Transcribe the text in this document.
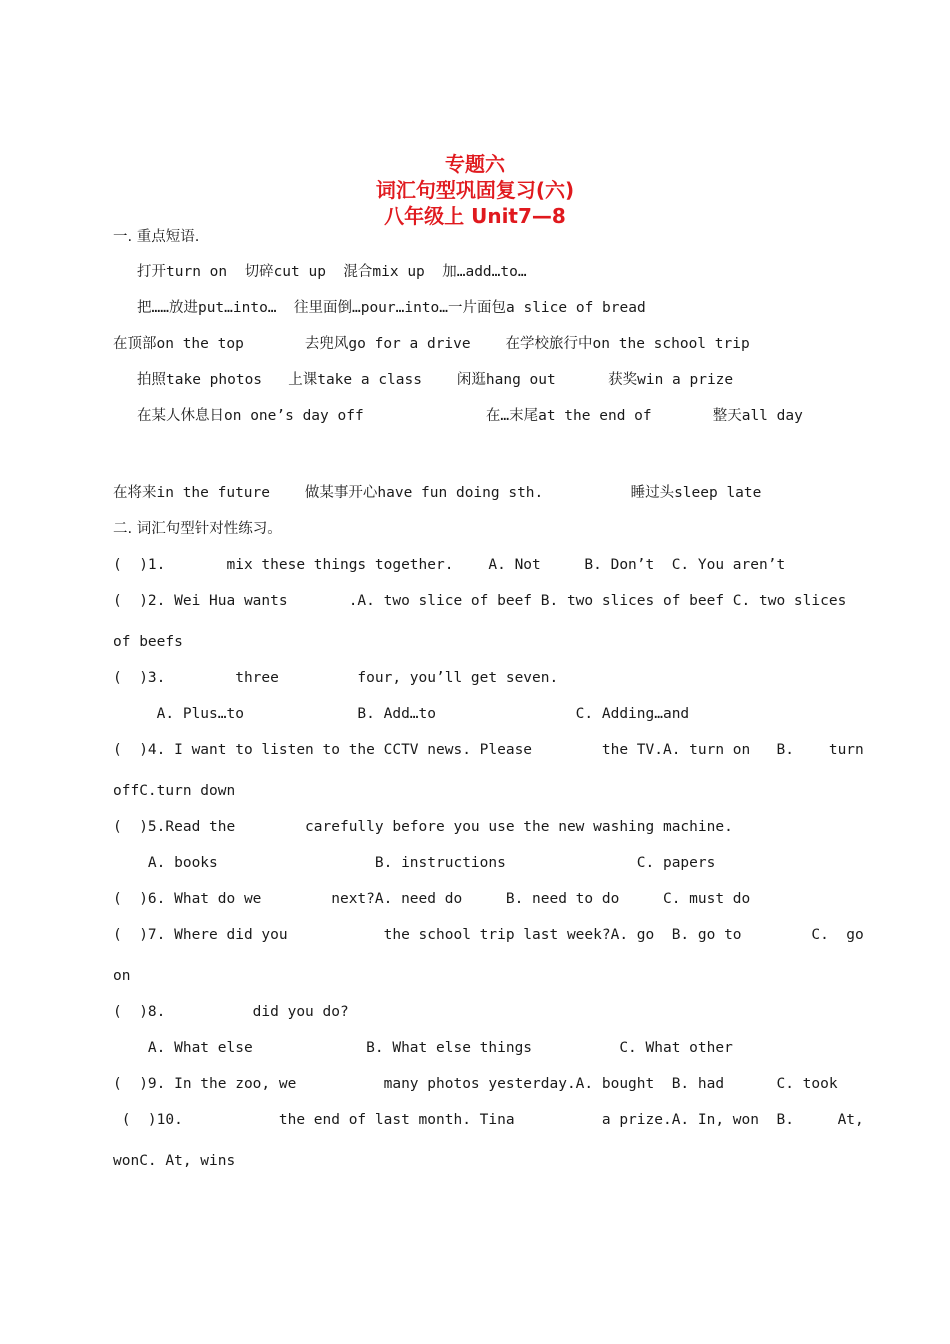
专题六
词汇句型巩固复习(六)
八年级上 Unit7—8
一. 重点短语.
打开turn on  切碎cut up  混合mix up  加…add…to…
把……放进put…into…  往里面倒…pour…into…一片面包a slice of bread
在顶部on the top       去兜风go for a drive    在学校旅行中on the school trip
拍照take photos   上课take a class    闲逛hang out      获奖win a prize
在某人休息日on one’s day off              在…末尾at the end of       整天all day
在将来in the future    做某事开心have fun doing sth.          睡过头sleep late
二. 词汇句型针对性练习。
(  )1.       mix these things together.    A. Not     B. Don’t  C. You aren’t
(  )2. Wei Hua wants       .A. two slice of beef B. two slices of beef C. two slices
of beefs
(  )3.        three         four, you’ll get seven.
A. Plus…to             B. Add…to                C. Adding…and
(  )4. I want to listen to the CCTV news. Please        the TV.A. turn on   B.    turn
offC.turn down
(  )5.Read the        carefully before you use the new washing machine.
A. books                  B. instructions               C. papers
(  )6. What do we        next?A. need do     B. need to do     C. must do
(  )7. Where did you           the school trip last week?A. go  B. go to        C.  go
on
(  )8.          did you do?
A. What else             B. What else things          C. What other
(  )9. In the zoo, we          many photos yesterday.A. bought  B. had      C. took
(  )10.           the end of last month. Tina          a prize.A. In, won  B.     At,
wonC. At, wins
